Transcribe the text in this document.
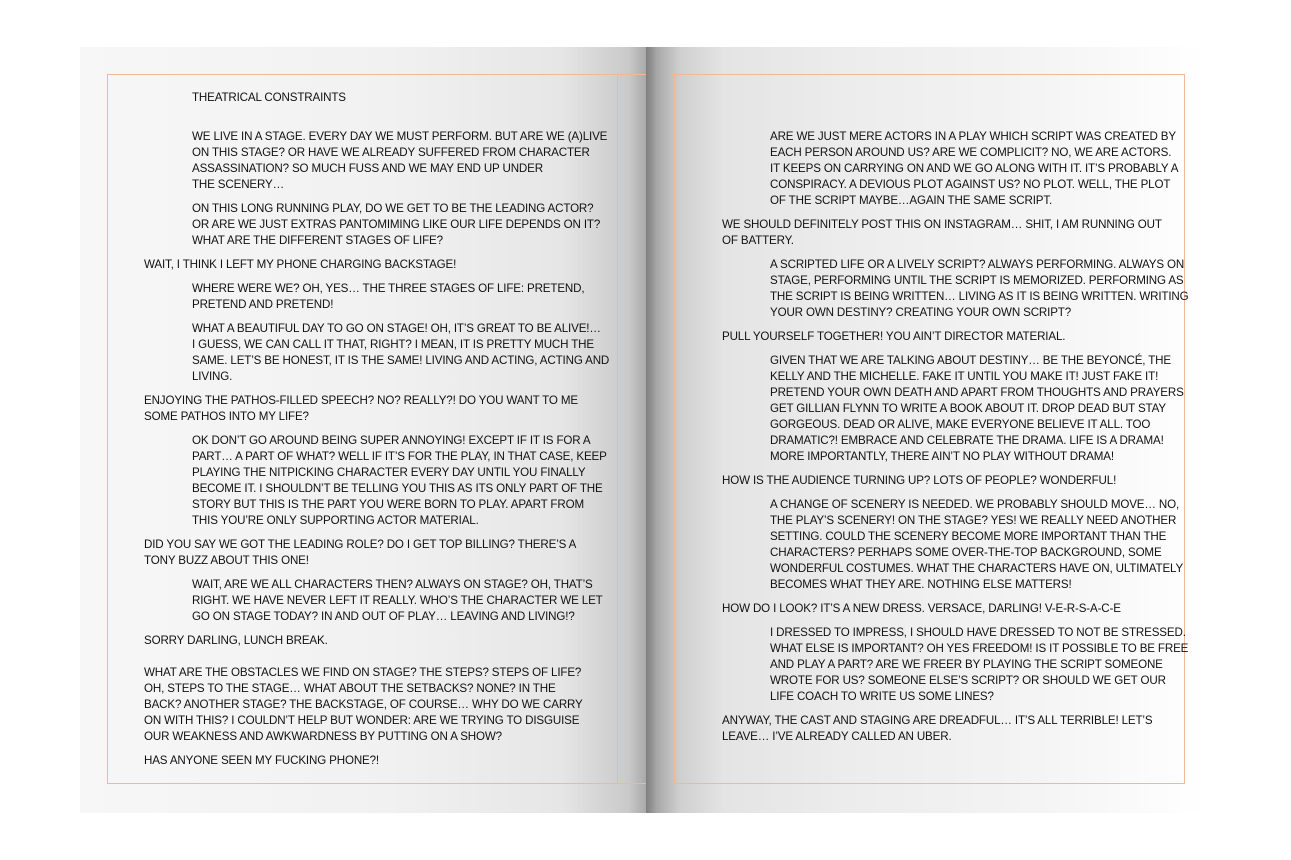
THEATRICAL CONSTRAINTS
WE LIVE IN A STAGE. EVERY DAY WE MUST PERFORM. BUT ARE WE (A)LIVE
ON THIS STAGE? OR HAVE WE ALREADY SUFFERED FROM CHARACTER
ASSASSINATION? SO MUCH FUSS AND WE MAY END UP UNDER
THE SCENERY…
ON THIS LONG RUNNING PLAY, DO WE GET TO BE THE LEADING ACTOR?
OR ARE WE JUST EXTRAS PANTOMIMING LIKE OUR LIFE DEPENDS ON IT?
WHAT ARE THE DIFFERENT STAGES OF LIFE?
WAIT, I THINK I LEFT MY PHONE CHARGING BACKSTAGE!
WHERE WERE WE? OH, YES… THE THREE STAGES OF LIFE: PRETEND,
PRETEND AND PRETEND!
WHAT A BEAUTIFUL DAY TO GO ON STAGE! OH, IT’S GREAT TO BE ALIVE!…
I GUESS, WE CAN CALL IT THAT, RIGHT? I MEAN, IT IS PRETTY MUCH THE
SAME. LET’S BE HONEST, IT IS THE SAME! LIVING AND ACTING, ACTING AND
LIVING.
ENJOYING THE PATHOS-FILLED SPEECH? NO? REALLY?! DO YOU WANT TO ME
SOME PATHOS INTO MY LIFE?
OK DON’T GO AROUND BEING SUPER ANNOYING! EXCEPT IF IT IS FOR A
PART… A PART OF WHAT? WELL IF IT’S FOR THE PLAY, IN THAT CASE, KEEP
PLAYING THE NITPICKING CHARACTER EVERY DAY UNTIL YOU FINALLY
BECOME IT. I SHOULDN’T BE TELLING YOU THIS AS ITS ONLY PART OF THE
STORY BUT THIS IS THE PART YOU WERE BORN TO PLAY. APART FROM
THIS YOU’RE ONLY SUPPORTING ACTOR MATERIAL.
DID YOU SAY WE GOT THE LEADING ROLE? DO I GET TOP BILLING? THERE’S A
TONY BUZZ ABOUT THIS ONE!
WAIT, ARE WE ALL CHARACTERS THEN? ALWAYS ON STAGE? OH, THAT’S
RIGHT. WE HAVE NEVER LEFT IT REALLY. WHO’S THE CHARACTER WE LET
GO ON STAGE TODAY? IN AND OUT OF PLAY… LEAVING AND LIVING!?
SORRY DARLING, LUNCH BREAK.
WHAT ARE THE OBSTACLES WE FIND ON STAGE? THE STEPS? STEPS OF LIFE?
OH, STEPS TO THE STAGE… WHAT ABOUT THE SETBACKS? NONE? IN THE
BACK? ANOTHER STAGE? THE BACKSTAGE, OF COURSE… WHY DO WE CARRY
ON WITH THIS? I COULDN’T HELP BUT WONDER: ARE WE TRYING TO DISGUISE
OUR WEAKNESS AND AWKWARDNESS BY PUTTING ON A SHOW?
HAS ANYONE SEEN MY FUCKING PHONE?!
ARE WE JUST MERE ACTORS IN A PLAY WHICH SCRIPT WAS CREATED BY
EACH PERSON AROUND US? ARE WE COMPLICIT? NO, WE ARE ACTORS.
IT KEEPS ON CARRYING ON AND WE GO ALONG WITH IT. IT’S PROBABLY A
CONSPIRACY. A DEVIOUS PLOT AGAINST US? NO PLOT. WELL, THE PLOT
OF THE SCRIPT MAYBE…AGAIN THE SAME SCRIPT.
WE SHOULD DEFINITELY POST THIS ON INSTAGRAM… SHIT, I AM RUNNING OUT
OF BATTERY.
A SCRIPTED LIFE OR A LIVELY SCRIPT? ALWAYS PERFORMING. ALWAYS ON
STAGE, PERFORMING UNTIL THE SCRIPT IS MEMORIZED. PERFORMING AS
THE SCRIPT IS BEING WRITTEN… LIVING AS IT IS BEING WRITTEN. WRITING
YOUR OWN DESTINY? CREATING YOUR OWN SCRIPT?
PULL YOURSELF TOGETHER! YOU AIN’T DIRECTOR MATERIAL.
GIVEN THAT WE ARE TALKING ABOUT DESTINY… BE THE BEYONCÉ, THE
KELLY AND THE MICHELLE. FAKE IT UNTIL YOU MAKE IT! JUST FAKE IT!
PRETEND YOUR OWN DEATH AND APART FROM THOUGHTS AND PRAYERS
GET GILLIAN FLYNN TO WRITE A BOOK ABOUT IT. DROP DEAD BUT STAY
GORGEOUS. DEAD OR ALIVE, MAKE EVERYONE BELIEVE IT ALL. TOO
DRAMATIC?! EMBRACE AND CELEBRATE THE DRAMA. LIFE IS A DRAMA!
MORE IMPORTANTLY, THERE AIN’T NO PLAY WITHOUT DRAMA!
HOW IS THE AUDIENCE TURNING UP? LOTS OF PEOPLE? WONDERFUL!
A CHANGE OF SCENERY IS NEEDED. WE PROBABLY SHOULD MOVE… NO,
THE PLAY’S SCENERY! ON THE STAGE? YES! WE REALLY NEED ANOTHER
SETTING. COULD THE SCENERY BECOME MORE IMPORTANT THAN THE
CHARACTERS? PERHAPS SOME OVER-THE-TOP BACKGROUND, SOME
WONDERFUL COSTUMES. WHAT THE CHARACTERS HAVE ON, ULTIMATELY
BECOMES WHAT THEY ARE. NOTHING ELSE MATTERS!
HOW DO I LOOK? IT’S A NEW DRESS. VERSACE, DARLING! V-E-R-S-A-C-E
I DRESSED TO IMPRESS, I SHOULD HAVE DRESSED TO NOT BE STRESSED.
WHAT ELSE IS IMPORTANT? OH YES FREEDOM! IS IT POSSIBLE TO BE FREE
AND PLAY A PART? ARE WE FREER BY PLAYING THE SCRIPT SOMEONE
WROTE FOR US? SOMEONE ELSE’S SCRIPT? OR SHOULD WE GET OUR
LIFE COACH TO WRITE US SOME LINES?
ANYWAY, THE CAST AND STAGING ARE DREADFUL… IT’S ALL TERRIBLE! LET’S
LEAVE… I’VE ALREADY CALLED AN UBER.
